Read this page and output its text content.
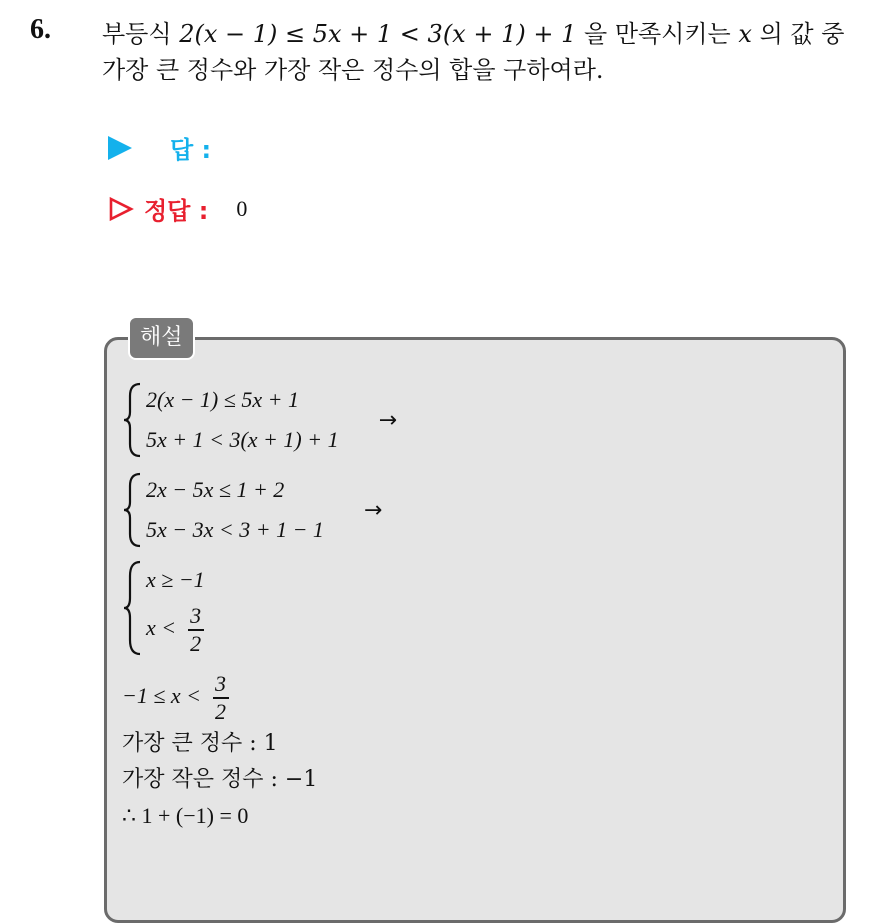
6. 부등식 2(x − 1) ≤ 5x + 1 < 3(x + 1) + 1 을 만족시키는 x 의 값 중
가장 큰 정수와 가장 작은 정수의 합을 구하여라.
답 :
정답 : 0
해설
2(x − 1) ≤ 5x + 1
5x + 1 < 3(x + 1) + 1
→
2x − 5x ≤ 1 + 2
5x − 3x < 3 + 1 − 1
→
x ≥ −1
$x < \frac{3}{2}$
$-1 \le x < \frac{3}{2}$
가장 큰 정수 : 1
가장 작은 정수 : −1
∴ 1 + (−1) = 0
